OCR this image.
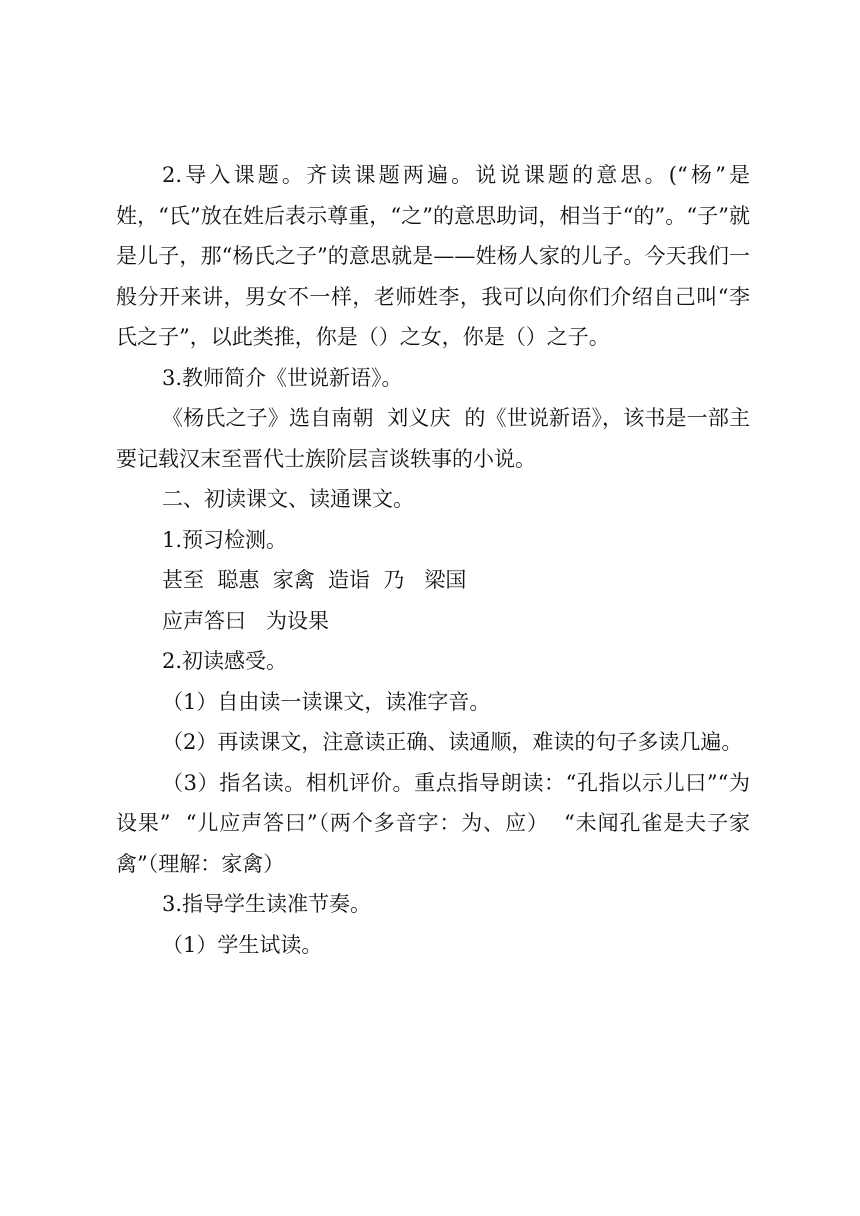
2.导入课题。齐读课题两遍。说说课题的意思。(“杨”是姓，“氏”放在姓后表示尊重，“之”的意思助词，相当于“的”。“子”就是儿子，那“杨氏之子”的意思就是——姓杨人家的儿子。今天我们一般分开来讲，男女不一样，老师姓李，我可以向你们介绍自己叫“李氏之子”，以此类推，你是（）之女，你是（）之子。

3.教师简介《世说新语》。

《杨氏之子》选自南朝  刘义庆  的《世说新语》，该书是一部主要记载汉末至晋代士族阶层言谈轶事的小说。

二、初读课文、读通课文。

1.预习检测。

甚至  聪惠  家禽  造诣  乃   梁国

应声答曰   为设果

2.初读感受。

（1）自由读一读课文，读准字音。

（2）再读课文，注意读正确、读通顺，难读的句子多读几遍。

（3）指名读。相机评价。重点指导朗读：“孔指以示儿曰”“为设果”  “儿应声答曰”（两个多音字：为、应）  “未闻孔雀是夫子家禽”（理解：家禽）

3.指导学生读准节奏。

（1）学生试读。
